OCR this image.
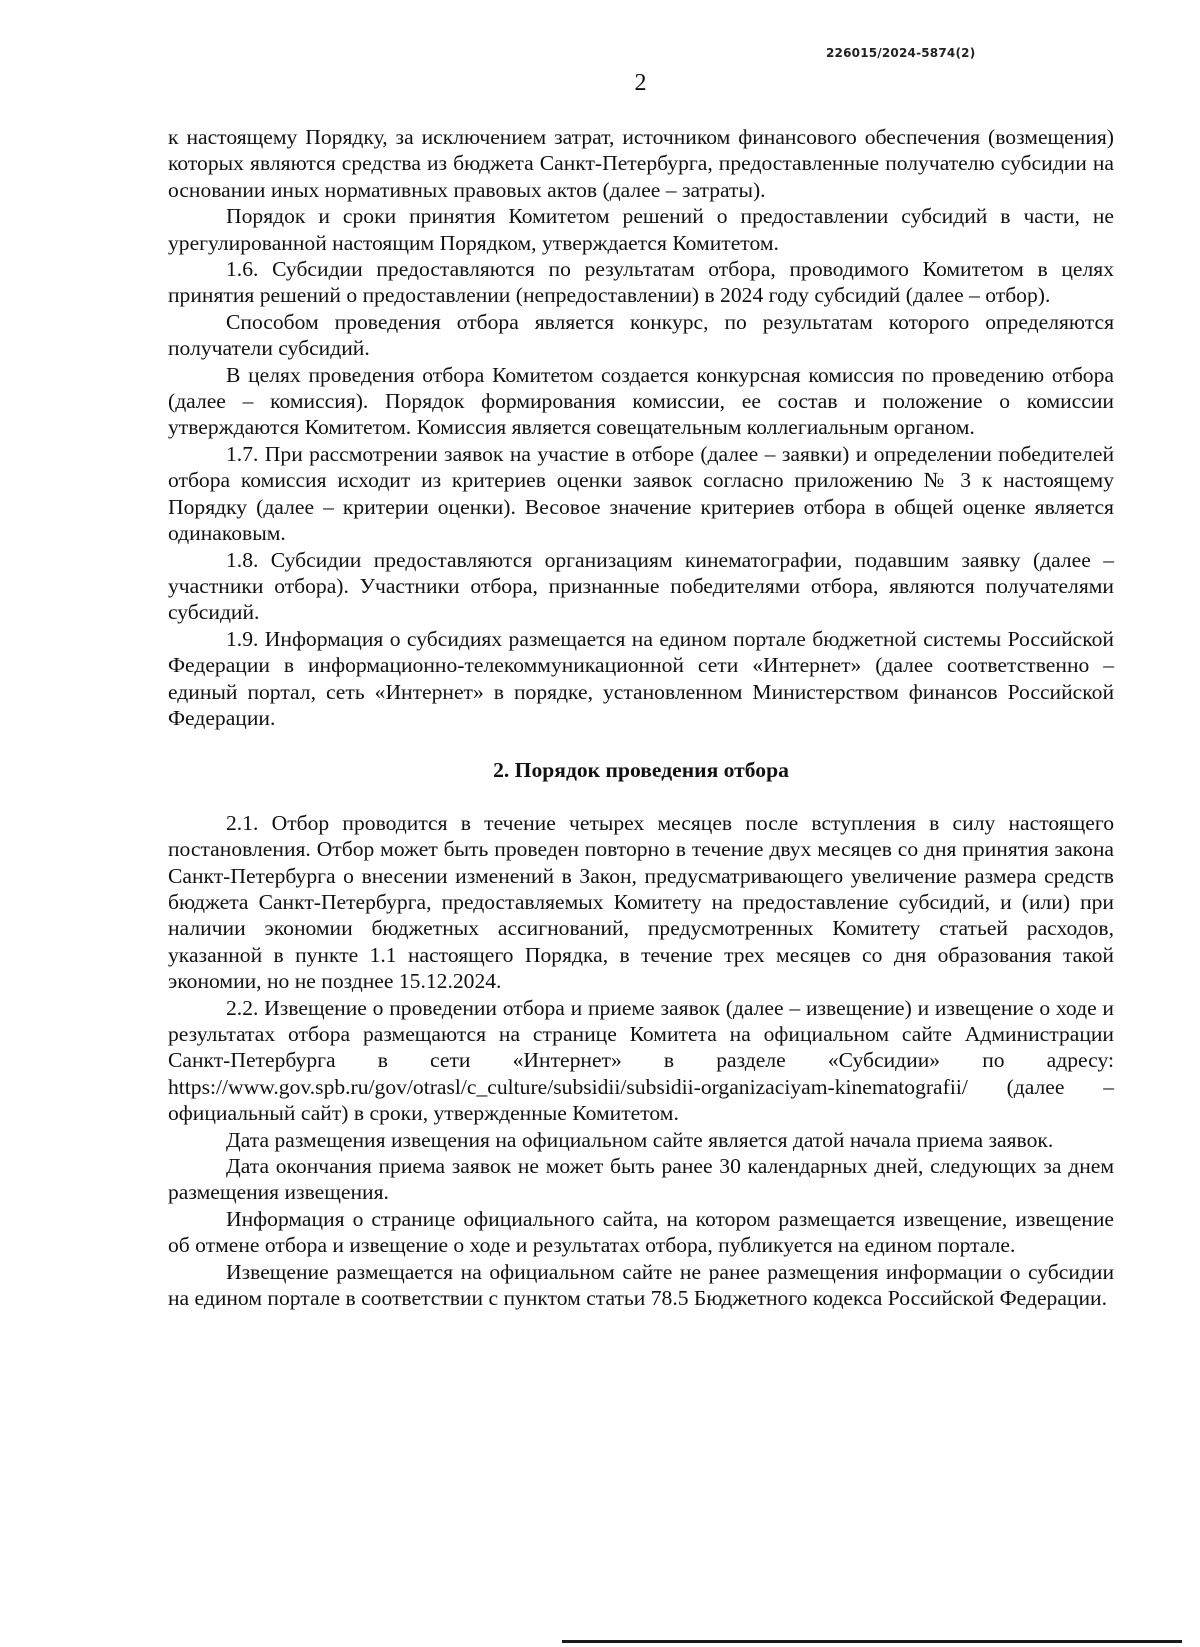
226015/2024-5874(2)
2

к настоящему Порядку, за исключением затрат, источником финансового обеспечения (возмещения) которых являются средства из бюджета Санкт-Петербурга, предоставленные получателю субсидии на основании иных нормативных правовых актов (далее – затраты).

Порядок и сроки принятия Комитетом решений о предоставлении субсидий в части, не урегулированной настоящим Порядком, утверждается Комитетом.

1.6. Субсидии предоставляются по результатам отбора, проводимого Комитетом в целях принятия решений о предоставлении (непредоставлении) в 2024 году субсидий (далее – отбор).

Способом проведения отбора является конкурс, по результатам которого определяются получатели субсидий.

В целях проведения отбора Комитетом создается конкурсная комиссия по проведению отбора (далее – комиссия). Порядок формирования комиссии, ее состав и положение о комиссии утверждаются Комитетом. Комиссия является совещательным коллегиальным органом.

1.7. При рассмотрении заявок на участие в отборе (далее – заявки) и определении победителей отбора комиссия исходит из критериев оценки заявок согласно приложению № 3 к настоящему Порядку (далее – критерии оценки). Весовое значение критериев отбора в общей оценке является одинаковым.

1.8. Субсидии предоставляются организациям кинематографии, подавшим заявку (далее – участники отбора). Участники отбора, признанные победителями отбора, являются получателями субсидий.

1.9. Информация о субсидиях размещается на едином портале бюджетной системы Российской Федерации в информационно-телекоммуникационной сети «Интернет» (далее соответственно – единый портал, сеть «Интернет» в порядке, установленном Министерством финансов Российской Федерации.

2. Порядок проведения отбора

2.1. Отбор проводится в течение четырех месяцев после вступления в силу настоящего постановления. Отбор может быть проведен повторно в течение двух месяцев со дня принятия закона Санкт-Петербурга о внесении изменений в Закон, предусматривающего увеличение размера средств бюджета Санкт-Петербурга, предоставляемых Комитету на предоставление субсидий, и (или) при наличии экономии бюджетных ассигнований, предусмотренных Комитету статьей расходов, указанной в пункте 1.1 настоящего Порядка, в течение трех месяцев со дня образования такой экономии, но не позднее 15.12.2024.

2.2. Извещение о проведении отбора и приеме заявок (далее – извещение) и извещение о ходе и результатах отбора размещаются на странице Комитета на официальном сайте Администрации Санкт-Петербурга в сети «Интернет» в разделе «Субсидии» по адресу: https://www.gov.spb.ru/gov/otrasl/c_culture/subsidii/subsidii-organizaciyam-kinematografii/ (далее – официальный сайт) в сроки, утвержденные Комитетом.

Дата размещения извещения на официальном сайте является датой начала приема заявок.

Дата окончания приема заявок не может быть ранее 30 календарных дней, следующих за днем размещения извещения.

Информация о странице официального сайта, на котором размещается извещение, извещение об отмене отбора и извещение о ходе и результатах отбора, публикуется на едином портале.

Извещение размещается на официальном сайте не ранее размещения информации о субсидии на едином портале в соответствии с пунктом статьи 78.5 Бюджетного кодекса Российской Федерации.
